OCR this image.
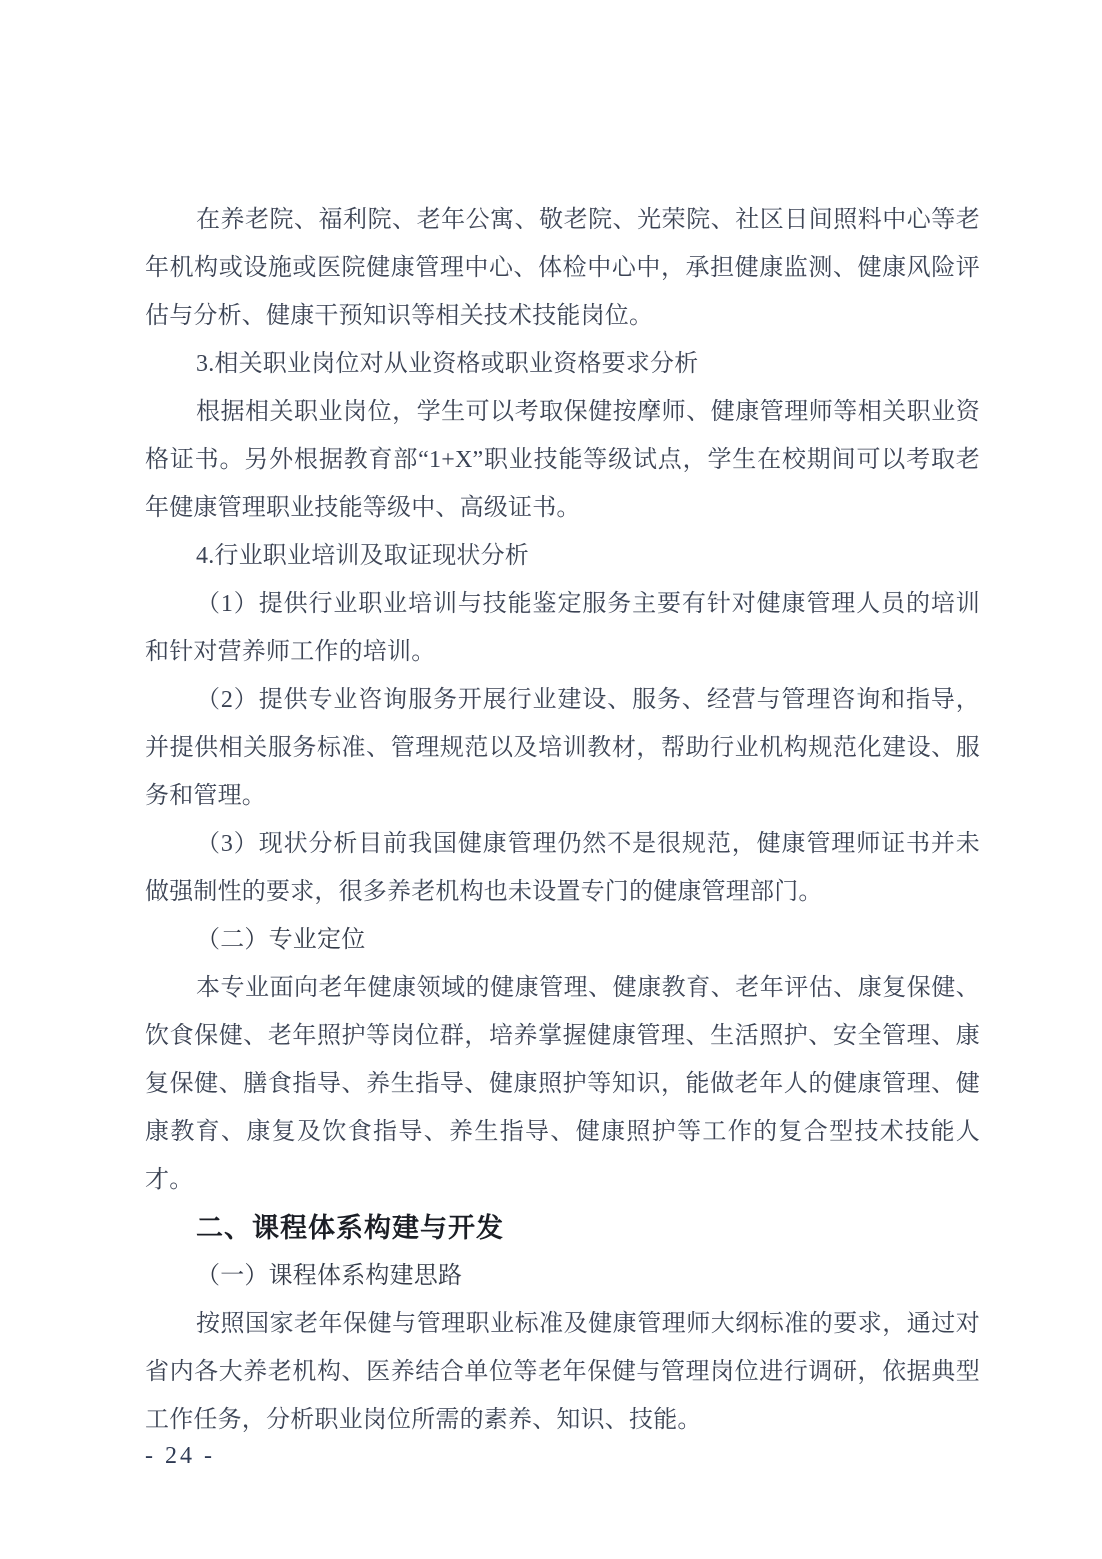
在养老院、福利院、老年公寓、敬老院、光荣院、社区日间照料中心等老年机构或设施或医院健康管理中心、体检中心中，承担健康监测、健康风险评估与分析、健康干预知识等相关技术技能岗位。

3.相关职业岗位对从业资格或职业资格要求分析

根据相关职业岗位，学生可以考取保健按摩师、健康管理师等相关职业资格证书。另外根据教育部“1+X”职业技能等级试点，学生在校期间可以考取老年健康管理职业技能等级中、高级证书。

4.行业职业培训及取证现状分析

（1）提供行业职业培训与技能鉴定服务主要有针对健康管理人员的培训和针对营养师工作的培训。

（2）提供专业咨询服务开展行业建设、服务、经营与管理咨询和指导，并提供相关服务标准、管理规范以及培训教材，帮助行业机构规范化建设、服务和管理。

（3）现状分析目前我国健康管理仍然不是很规范，健康管理师证书并未做强制性的要求，很多养老机构也未设置专门的健康管理部门。

（二）专业定位

本专业面向老年健康领域的健康管理、健康教育、老年评估、康复保健、饮食保健、老年照护等岗位群，培养掌握健康管理、生活照护、安全管理、康复保健、膳食指导、养生指导、健康照护等知识，能做老年人的健康管理、健康教育、康复及饮食指导、养生指导、健康照护等工作的复合型技术技能人才。

二、课程体系构建与开发

（一）课程体系构建思路

按照国家老年保健与管理职业标准及健康管理师大纲标准的要求，通过对省内各大养老机构、医养结合单位等老年保健与管理岗位进行调研，依据典型工作任务，分析职业岗位所需的素养、知识、技能。

- 24 -
